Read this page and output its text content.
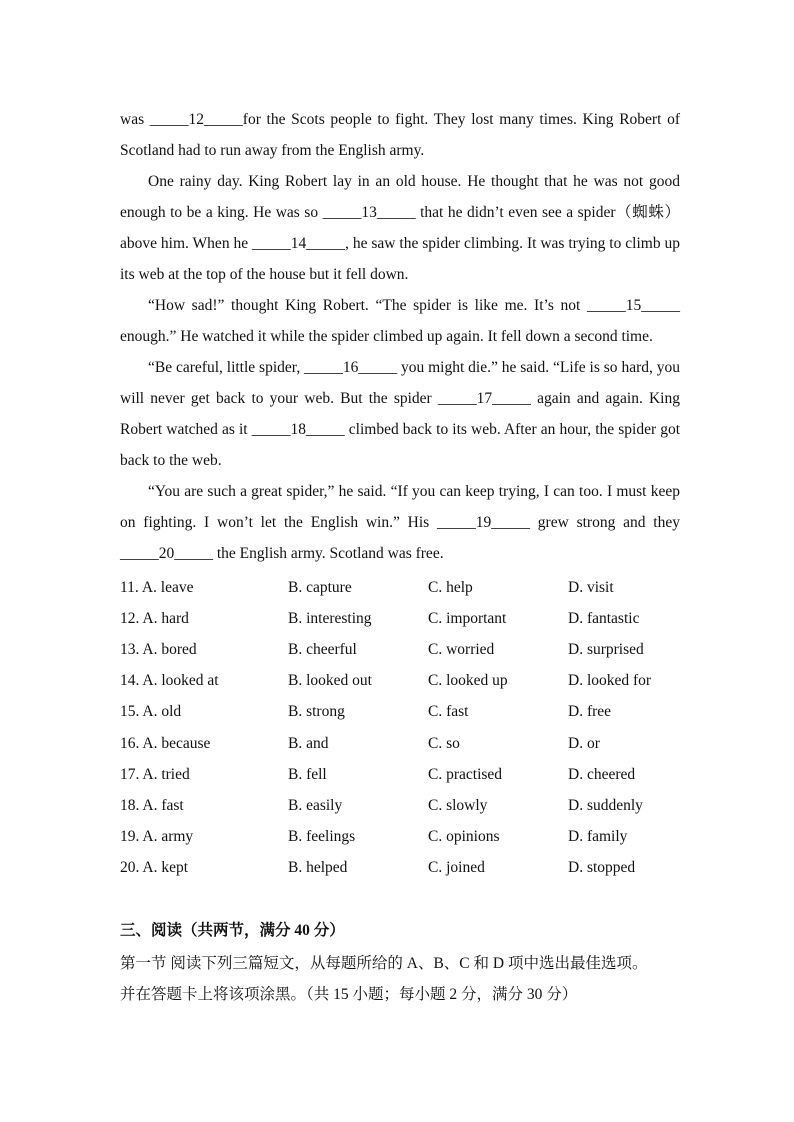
was _____12_____for the Scots people to fight. They lost many times. King Robert of Scotland had to run away from the English army.

One rainy day. King Robert lay in an old house. He thought that he was not good enough to be a king. He was so _____13_____ that he didn’t even see a spider（蜘蛛）above him. When he _____14_____, he saw the spider climbing. It was trying to climb up its web at the top of the house but it fell down.

“How sad!” thought King Robert. “The spider is like me. It’s not _____15_____ enough.” He watched it while the spider climbed up again. It fell down a second time.

“Be careful, little spider, _____16_____ you might die.” he said. “Life is so hard, you will never get back to your web. But the spider _____17_____ again and again. King Robert watched as it _____18_____ climbed back to its web. After an hour, the spider got back to the web.

“You are such a great spider,” he said. “If you can keep trying, I can too. I must keep on fighting. I won’t let the English win.” His _____19_____ grew strong and they _____20_____ the English army. Scotland was free.

11. A. leave	B. capture	C. help	D. visit
12. A. hard	B. interesting	C. important	D. fantastic
13. A. bored	B. cheerful	C. worried	D. surprised
14. A. looked at	B. looked out	C. looked up	D. looked for
15. A. old	B. strong	C. fast	D. free
16. A. because	B. and	C. so	D. or
17. A. tried	B. fell	C. practised	D. cheered
18. A. fast	B. easily	C. slowly	D. suddenly
19. A. army	B. feelings	C. opinions	D. family
20. A. kept	B. helped	C. joined	D. stopped
三、阅读（共两节，满分 40 分）
第一节 阅读下列三篇短文，从每题所给的 A、B、C 和 D 项中选出最佳选项。
并在答题卡上将该项涂黑。（共 15 小题；每小题 2 分，满分 30 分）
